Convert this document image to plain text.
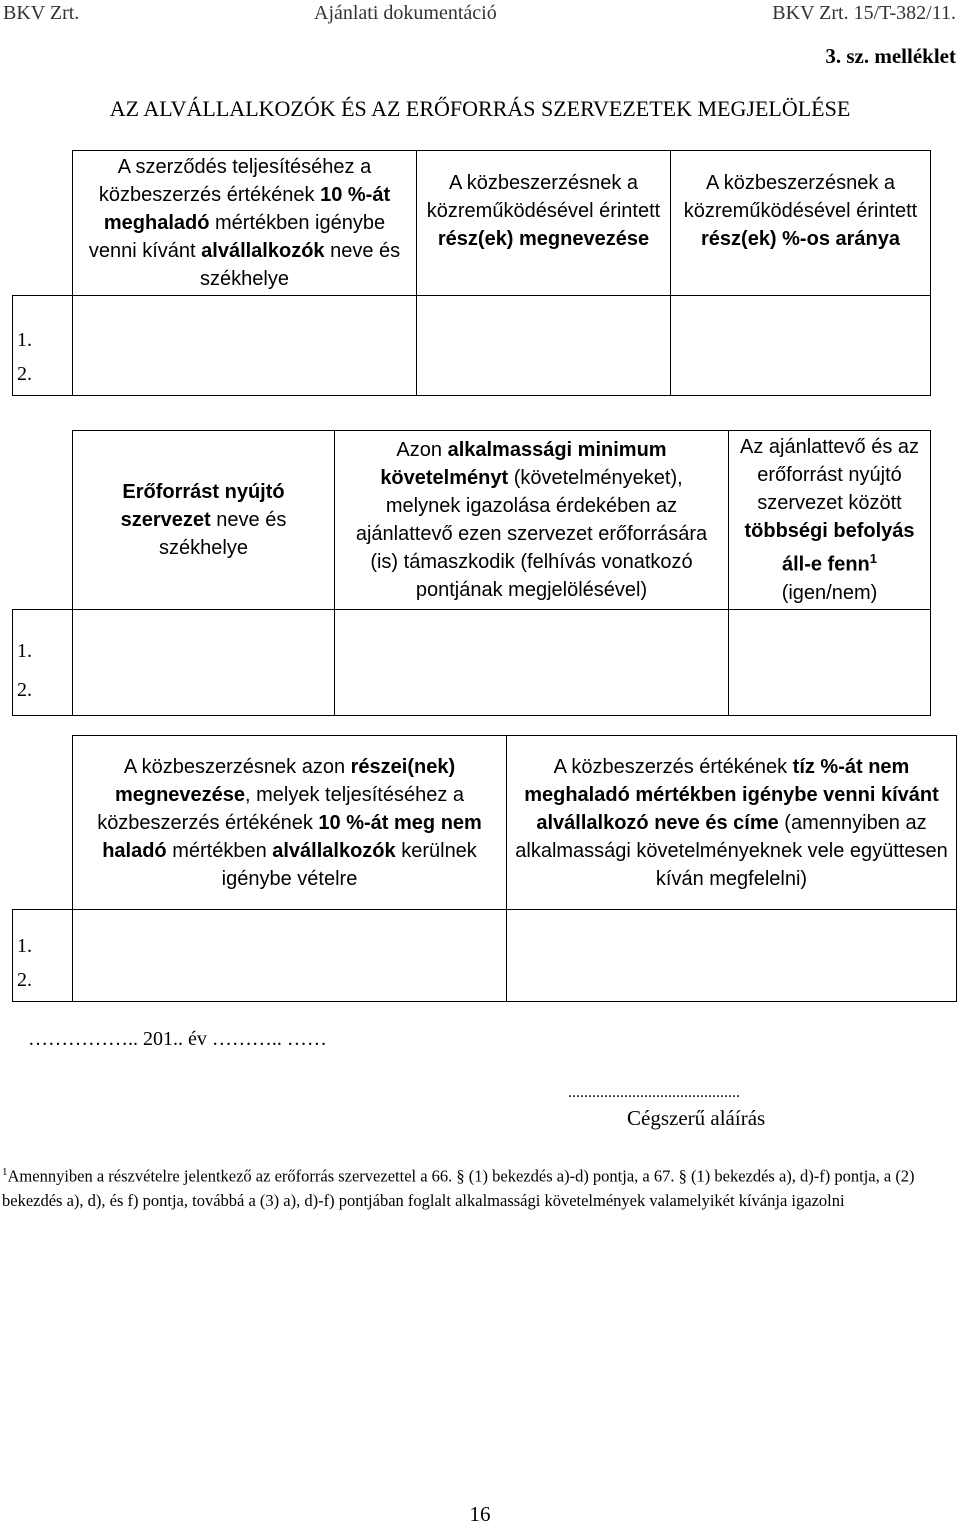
BKV Zrt.	Ajánlati dokumentáció	BKV Zrt. 15/T-382/11.
3. sz. melléklet
AZ ALVÁLLALKOZÓK ÉS AZ ERŐFORRÁS SZERVEZETEK MEGJELÖLÉSE
	A szerződés teljesítéséhez a közbeszerzés értékének 10 %-át meghaladó mértékben igénybe venni kívánt alvállalkozók neve és székhelye	A közbeszerzésnek a közreműködésével érintett rész(ek) megnevezése	A közbeszerzésnek a közreműködésével érintett rész(ek) %-os aránya
1.			
2.			
	Erőforrást nyújtó szervezet neve és székhelye	Azon alkalmassági minimum követelményt (követelményeket), melynek igazolása érdekében az ajánlattevő ezen szervezet erőforrására (is) támaszkodik (felhívás vonatkozó pontjának megjelölésével)	Az ajánlattevő és az erőforrást nyújtó szervezet között többségi befolyás áll-e fenn$^1$ (igen/nem)
1.			
2.			
	A közbeszerzésnek azon részei(nek) megnevezése, melyek teljesítéséhez a közbeszerzés értékének 10 %-át meg nem haladó mértékben alvállalkozók kerülnek igénybe vételre	A közbeszerzés értékének tíz %-át nem meghaladó mértékben igénybe venni kívánt alvállalkozó neve és címe (amennyiben az alkalmassági követelményeknek vele együttesen kíván megfelelni)
1.		
2.		
…………….. 201.. év ……….. ……
...........................................
Cégszerű aláírás
$^1$Amennyiben a részvételre jelentkező az erőforrás szervezettel a 66. § (1) bekezdés a)-d) pontja, a 67. § (1) bekezdés a), d)-f) pontja, a (2) bekezdés a), d), és f) pontja, továbbá a (3) a), d)-f) pontjában foglalt alkalmassági követelmények valamelyikét kívánja igazolni
16
